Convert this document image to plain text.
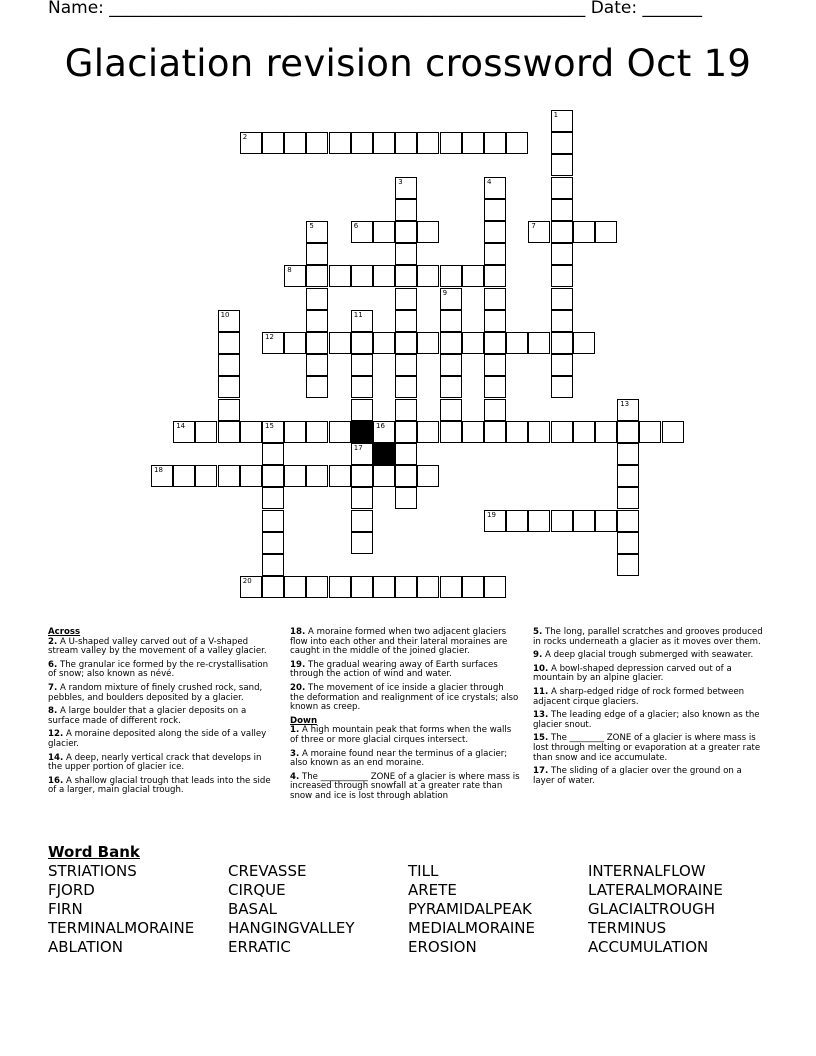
Name: ________________________________________________________ Date: _______
Glaciation revision crossword Oct 19
1
2
3	4
5	6	7
8
9
10	11
17
12
13
14	15	16
18
19
20
Across
2. A U-shaped valley carved out of a V-shaped stream valley by the movement of a valley glacier.
6. The granular ice formed by the re-crystallisation of snow; also known as névé.
7. A random mixture of finely crushed rock, sand, pebbles, and boulders deposited by a glacier.
8. A large boulder that a glacier deposits on a surface made of different rock.
12. A moraine deposited along the side of a valley glacier.
14. A deep, nearly vertical crack that develops in the upper portion of glacier ice.
16. A shallow glacial trough that leads into the side of a larger, main glacial trough.
18. A moraine formed when two adjacent glaciers flow into each other and their lateral moraines are caught in the middle of the joined glacier.
19. The gradual wearing away of Earth surfaces through the action of wind and water.
20. The movement of ice inside a glacier through the deformation and realignment of ice crystals; also known as creep.
Down
1. A high mountain peak that forms when the walls of three or more glacial cirques intersect.
3. A moraine found near the terminus of a glacier; also known as an end moraine.
4. The ___________ ZONE of a glacier is where mass is increased through snowfall at a greater rate than snow and ice is lost through ablation
5. The long, parallel scratches and grooves produced in rocks underneath a glacier as it moves over them.
9. A deep glacial trough submerged with seawater.
10. A bowl-shaped depression carved out of a mountain by an alpine glacier.
11. A sharp-edged ridge of rock formed between adjacent cirque glaciers.
13. The leading edge of a glacier; also known as the glacier snout.
15. The ________ ZONE of a glacier is where mass is lost through melting or evaporation at a greater rate than snow and ice accumulate.
17. The sliding of a glacier over the ground on a layer of water.
Word Bank
STRIATIONS
FJORD
FIRN
TERMINALMORAINE
ABLATION
CREVASSE
CIRQUE
BASAL
HANGINGVALLEY
ERRATIC
TILL
ARETE
PYRAMIDALPEAK
MEDIALMORAINE
EROSION
INTERNALFLOW
LATERALMORAINE
GLACIALTROUGH
TERMINUS
ACCUMULATION
